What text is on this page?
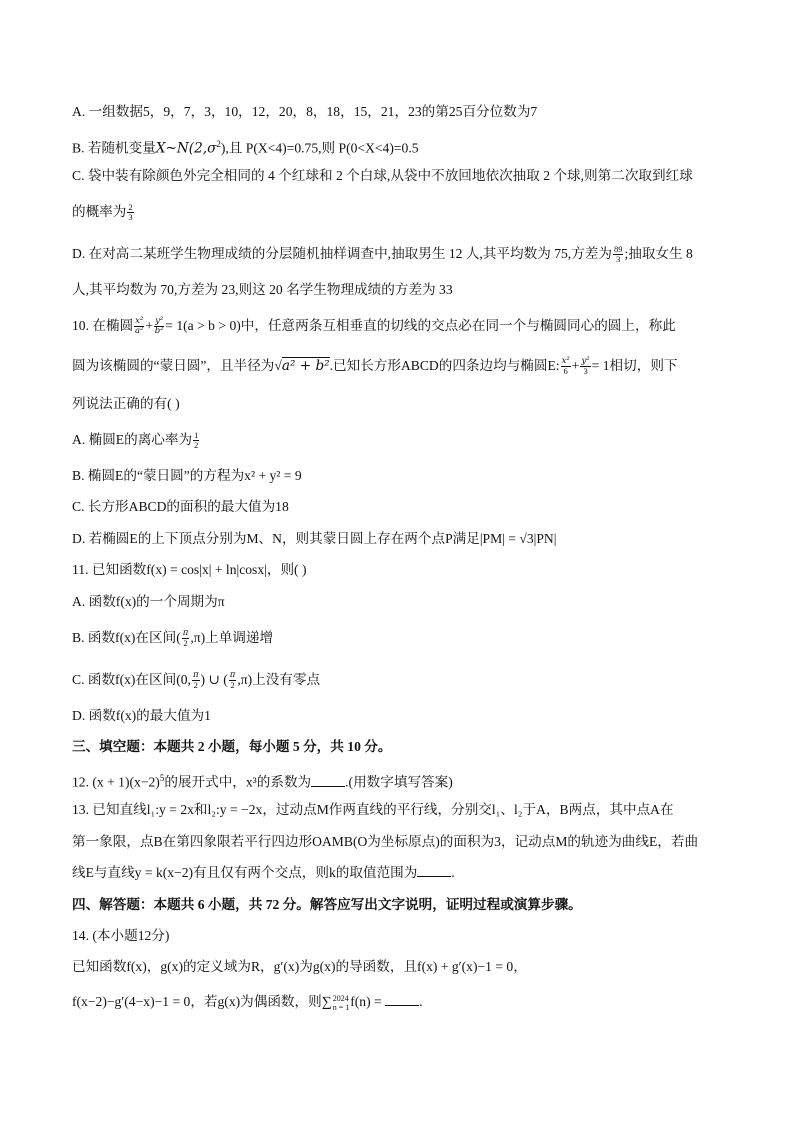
A. 一组数据5，9，7，3，10，12，20，8，18，15，21，23的第25百分位数为7
B. 若随机变量$X\sim N(2,\sigma^2)$,且 P(X<4)=0.75,则 P(0<X<4)=0.5
C. 袋中装有除颜色外完全相同的 4 个红球和 2 个白球,从袋中不放回地依次抽取 2 个球,则第二次取到红球
的概率为 $\frac{2}{3}$
D. 在对高二某班学生物理成绩的分层随机抽样调查中,抽取男生 12 人,其平均数为 75,方差为 $\frac{89}{3}$ ;抽取女生 8
人,其平均数为 70,方差为 23,则这 20 名学生物理成绩的方差为 33
10. 在椭圆 $\frac{\text{x²}}{\text{a²}} + \frac{\text{y²}}{\text{b²}} = 1(a > b > 0)$中，任意两条互相垂直的切线的交点必在同一个与椭圆同心的圆上，称此
圆为该椭圆的“蒙日圆”，且半径为√a² + b².已知长方形ABCD的四条边均与椭圆E: $\frac{\text{x²}}{6} + \frac{\text{y²}}{3} = 1$相切，则下
列说法正确的有( )
A. 椭圆E的离心率为 $\frac{1}{2}$
B. 椭圆E的“蒙日圆”的方程为x² + y² = 9
C. 长方形ABCD的面积的最大值为18
D. 若椭圆E的上下顶点分别为M、N，则其蒙日圆上存在两个点P满足|PM| = √3|PN|
11. 已知函数f(x) = cos|x| + ln|cosx|，则( )
A. 函数f(x)的一个周期为π
B. 函数f(x)在区间( $\frac{\pi}{2} ,\pi$)上单调递增
C. 函数f(x)在区间(0, $\frac{\pi}{2}$ ) ∪ ( $\frac{\pi}{2} ,\pi$)上没有零点
D. 函数f(x)的最大值为1
三、填空题：本题共 2 小题，每小题 5 分，共 10 分。
12. $(x + 1)(x-2)^5$的展开式中，x³的系数为	.(用数字填写答案)
13. 已知直线l₁:y = 2x和l₂:y = −2x，过动点M作两直线的平行线，分别交l₁、l₂于A，B两点，其中点A在
第一象限，点B在第四象限若平行四边形OAMB(O为坐标原点)的面积为3，记动点M的轨迹为曲线E，若曲
线E与直线y = k(x−2)有且仅有两个交点，则k的取值范围为	.
四、解答题：本题共 6 小题，共 72 分。解答应写出文字说明，证明过程或演算步骤。
14. (本小题12分)
已知函数f(x)，g(x)的定义域为R，g′(x)为g(x)的导函数，且f(x) + g′(x)−1 = 0，
f(x−2)−g′(4−x)−1 = 0，若g(x)为偶函数，则∑ 2024
n = 1 f(n) =	.
